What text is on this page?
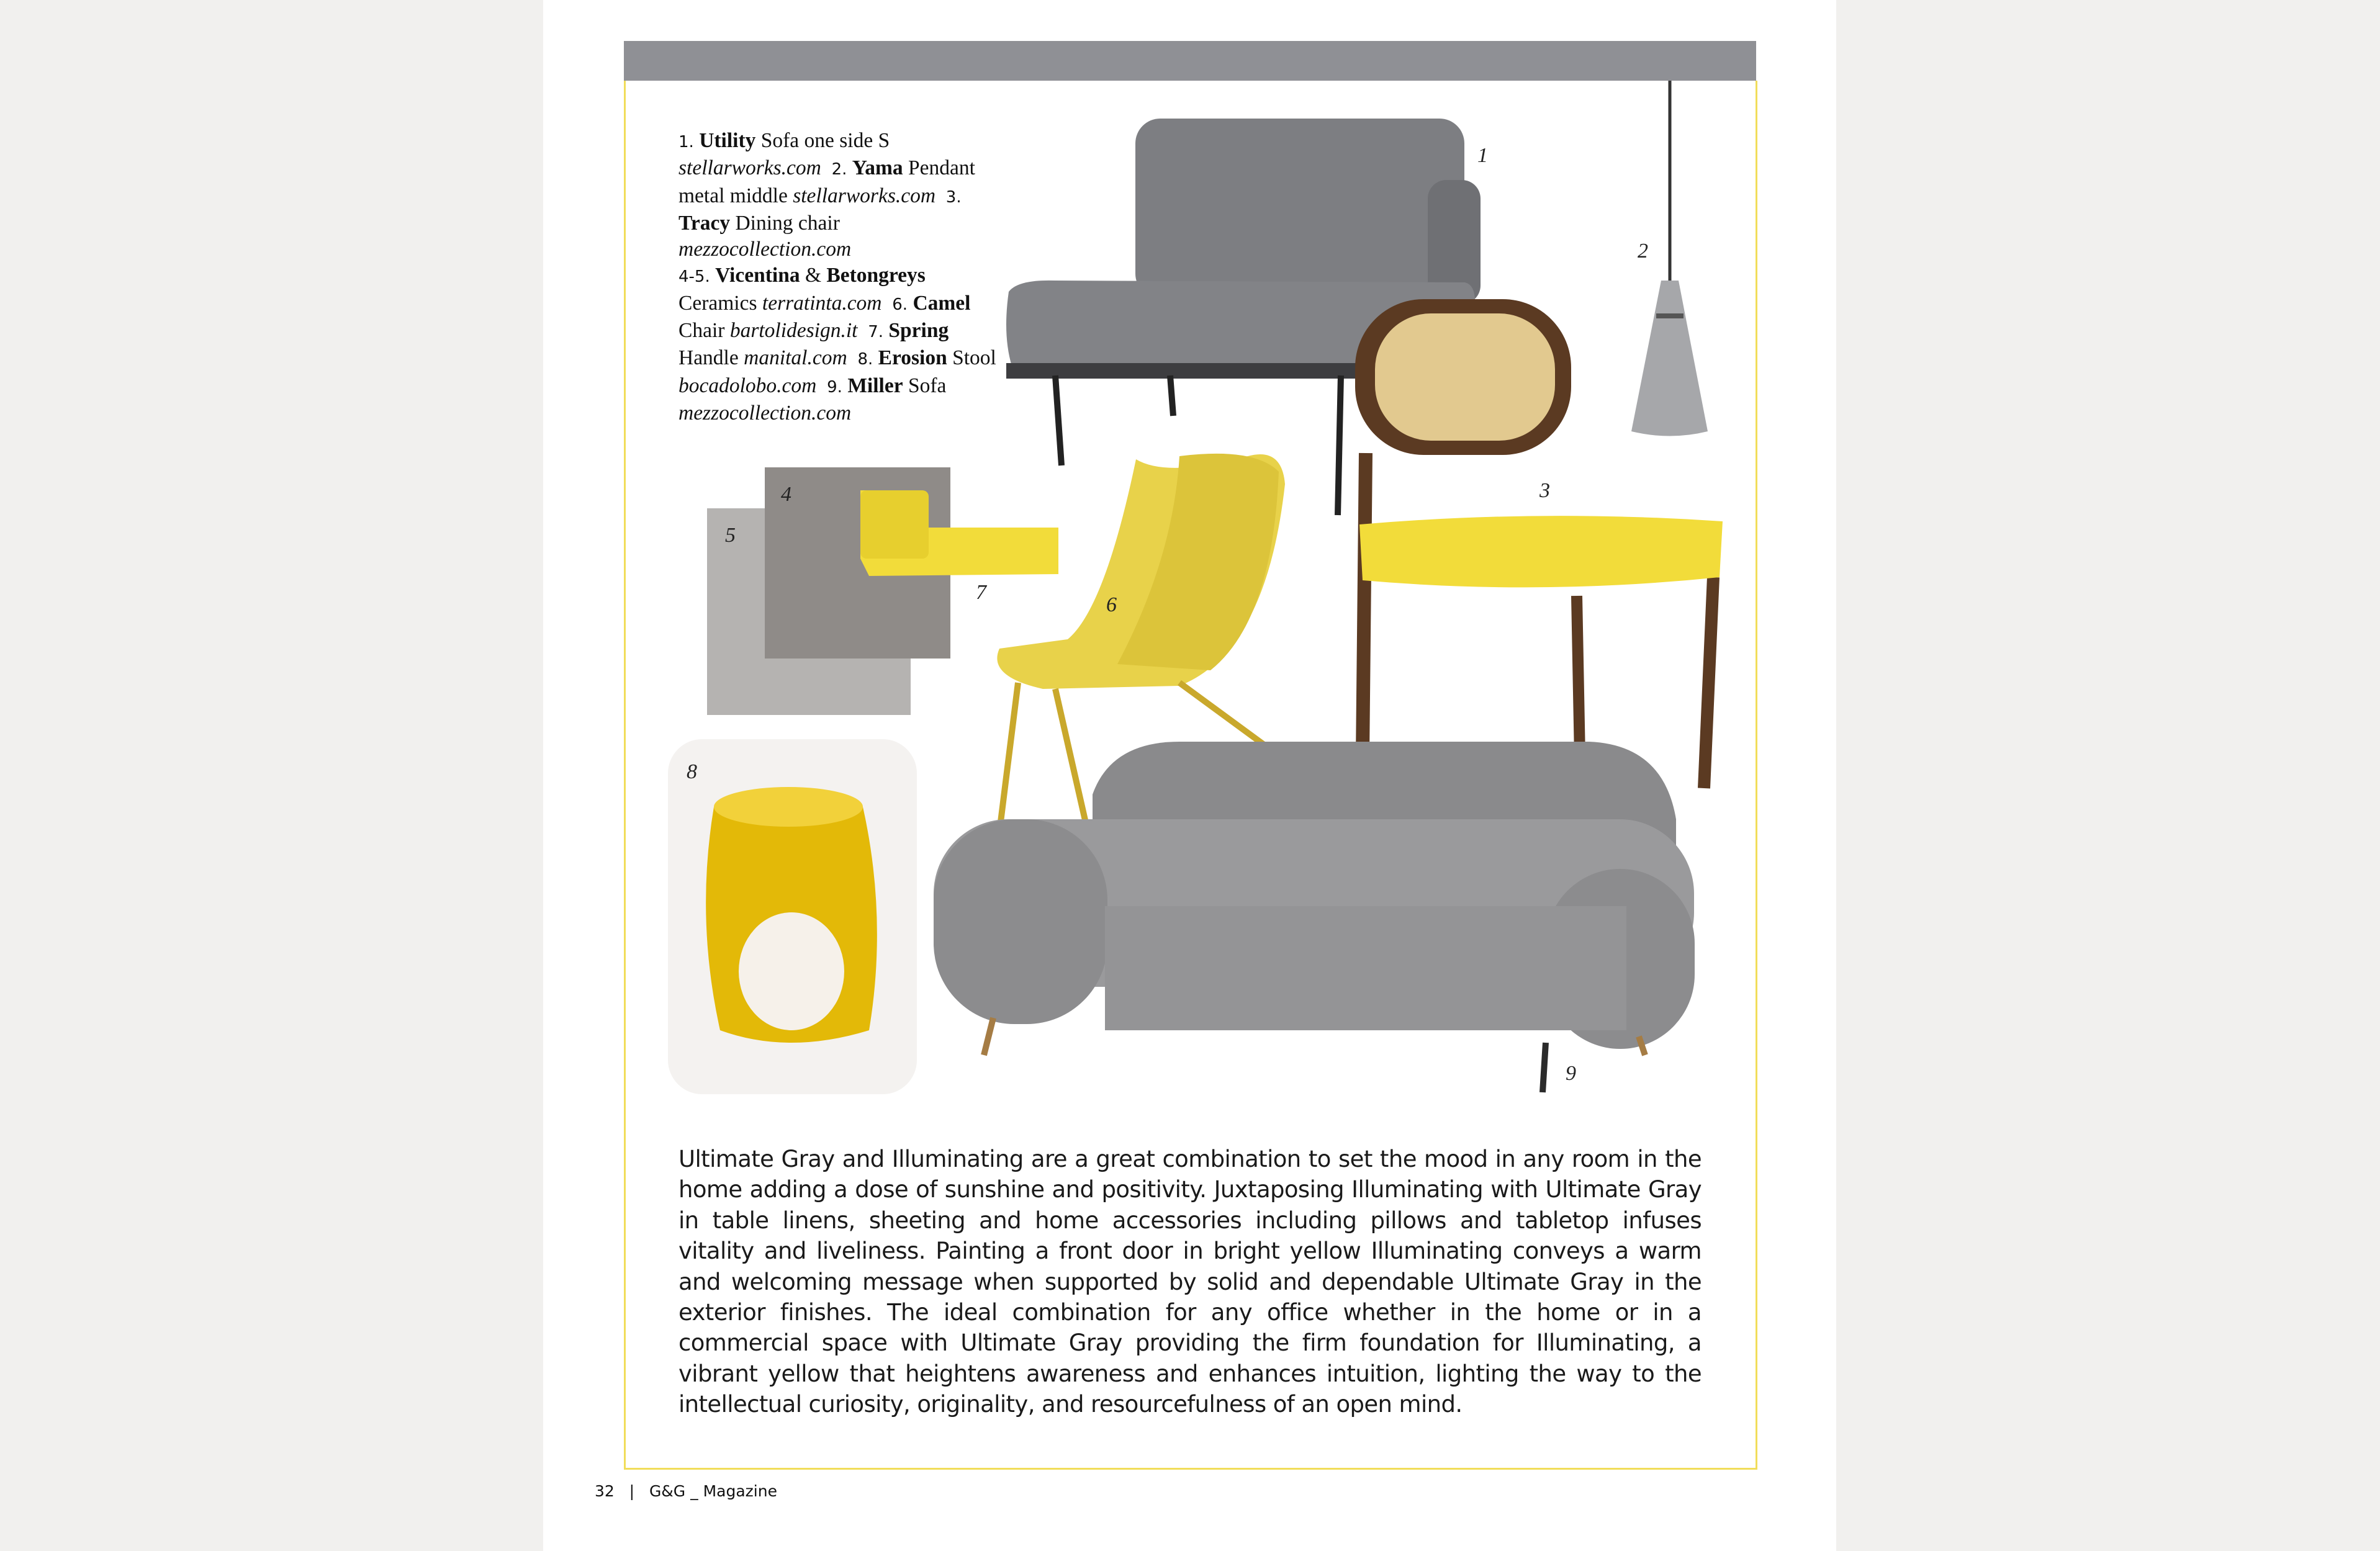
1
2
3
4
5
6
7
8
9
1. Utility Sofa one side S stellarworks.com 2. Yama Pendant metal middle stellarworks.com 3. Tracy Dining chair mezzocollection.com
4-5. Vicentina & Betongreys Ceramics terratinta.com 6. Camel Chair bartolidesign.it 7. Spring Handle manital.com 8. Erosion Stool bocadolobo.com 9. Miller Sofa mezzocollection.com

Ultimate Gray and Illuminating are a great combination to set the mood in any room in the home adding a dose of sunshine and positivity. Juxtaposing Illuminating with Ultimate Gray in table linens, sheeting and home accessories including pillows and tabletop infuses vitality and liveliness. Painting a front door in bright yellow Illuminating conveys a warm and welcoming message when supported by solid and dependable Ultimate Gray in the exterior finishes. The ideal combination for any office whether in the home or in a commercial space with Ultimate Gray providing the firm foundation for Illuminating, a vibrant yellow that heightens awareness and enhances intuition, lighting the way to the intellectual curiosity, originality, and resourcefulness of an open mind.

32 | G&G _ Magazine
